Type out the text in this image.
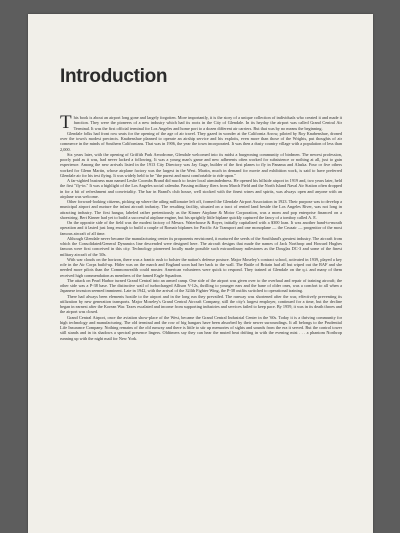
Introduction

This book is about an airport long gone and largely forgotten. More importantly, it is the story of a unique collection of individuals who created it and made it function. They were the pioneers of a new industry which had its roots in the City of Glendale. In its heyday the airport was called Grand Central Air Terminal. It was the first official terminal for Los Angeles and home port to a dozen different air carriers. But that was by no means the beginning.

Glendale folks had front row seats for the opening of the age of air travel. They gazed in wonder at the California Arrow, piloted by Roy Knabenshue, droned over the town's modest precincts. Knabenshue planned to operate an airship service and his exploits, even more than those of the Wrights, put thoughts of air commerce in the minds of Southern Californians. That was in 1906, the year the town incorporated. It was then a dusty country village with a population of less than 2,000.

Six years later, with the opening of Griffith Park Aerodrome, Glendale welcomed into its midst a burgeoning community of birdmen. The newest profession, poorly paid as it was, had never lacked a following. It was a young man's game and new adherents often worked for subsistence or nothing at all, just to gain experience. Among the new arrivals listed in the 1913 City Directory was Jay Gage, builder of the first planes to fly in Panama and Alaska. Four or five others worked for Glenn Martin, whose airplane factory was the largest in the West. Martin, much in demand for movie and exhibition work, is said to have preferred Glendale air for his test flying. It was widely held to be "the purest and most comfortable to ride upon."

A far-sighted business man named Leslie Coombs Brand did much to foster local airmindedness. He opened his hillside airport in 1919 and, two years later, held the first "fly-in." It was a highlight of the Los Angeles social calendar. Passing military fliers from March Field and the North Island Naval Air Station often dropped in for a bit of refreshment and conviviality. The bar in Brand's club house, well stocked with the finest wines and spirits, was always open and anyone with an airplane was welcome.

Other forward-looking citizens, picking up where the ailing millionaire left off, formed the Glendale Airport Association in 1923. Their purpose was to develop a municipal airport and nurture the infant aircraft industry. The resulting facility, situated on a tract of rented land beside the Los Angeles River, was not long in attracting industry. The first hangar, labeled rather pretentiously as the Kinner Airplane & Motor Corporation, was a mom and pop enterprise financed on a shoestring. Bert Kinner had yet to build a successful airplane engine, but his sprightly little biplane quickly captured the fancy of a tomboy called A. E.

On the opposite side of the field was the modest factory of Messrs. Waterhouse & Royer, initially capitalized with a $300 loan. It was another hand-to-mouth operation and it lasted just long enough to build a couple of Romair biplanes for Pacific Air Transport and one monoplane — the Cruzair — progenitor of the most famous aircraft of all time.

Although Glendale never became the manufacturing center its proponents envisioned, it nurtured the seeds of the Southland's greatest industry. The aircraft from which the Consolidated/General Dynamics line descended were designed here. The aircraft designs that made the names of Jack Northrop and Howard Hughes famous were first conceived in this city. Technology pioneered locally made possible such extraordinary milestones as the Douglas DC-3 and some of the finest military aircraft of the '40s.

With war clouds on the horizon, there was a frantic rush to bolster the nation's defense posture. Major Moseley's contract school, activated in 1939, played a key role in the Air Corps build-up. Hitler was on the march and England soon had her back to the wall. The Battle of Britain had all but wiped out the RAF and she needed more pilots than the Commonwealth could muster. American volunteers were quick to respond. They trained at Glendale on the q.t. and many of them received high commendation as members of the famed Eagle Squadron.

The attack on Pearl Harbor turned Grand Central into an armed camp. One side of the airport was given over to the overhaul and repair of training aircraft; the other side was a P-38 base. The distinctive wail of turbocharged Allison V-12s, thrilling to younger ears and the bane of older ones, was a comfort to all when a Japanese invasion seemed imminent. Late in 1942, with the arrival of the 324th Fighter Wing, the P-38 outfits switched to operational training.

There had always been elements hostile to the airport and in the long run they prevailed. The runway was shortened after the war, effectively preventing its utilization by new generation transports. Major Moseley's Grand Central Aircraft Company, still the city's largest employer, continued for a time, but the decline began in earnest after the Korean War. Taxes escalated and income from supporting industries and services failed to keep pace. By 1959, it was in its death throes and the airport was closed.

Grand Central Airport, once the aviation show-place of the West, became the Grand Central Industrial Center in the '60s. Today it is a thriving community for high technology and manufacturing. The old terminal and the row of big hangars have been absorbed by their newer surroundings. It all belongs to the Prudential Life Insurance Company. Nothing remains of the old runway and there is little to stir up memories of sights and sounds from the era it served. But the control tower still stands and in its shadows a spectral presence lingers. Oldtimers say they can hear the muted beat drifting in with the evening mist . . . a phantom Northrop running up with the night mail for New York.
